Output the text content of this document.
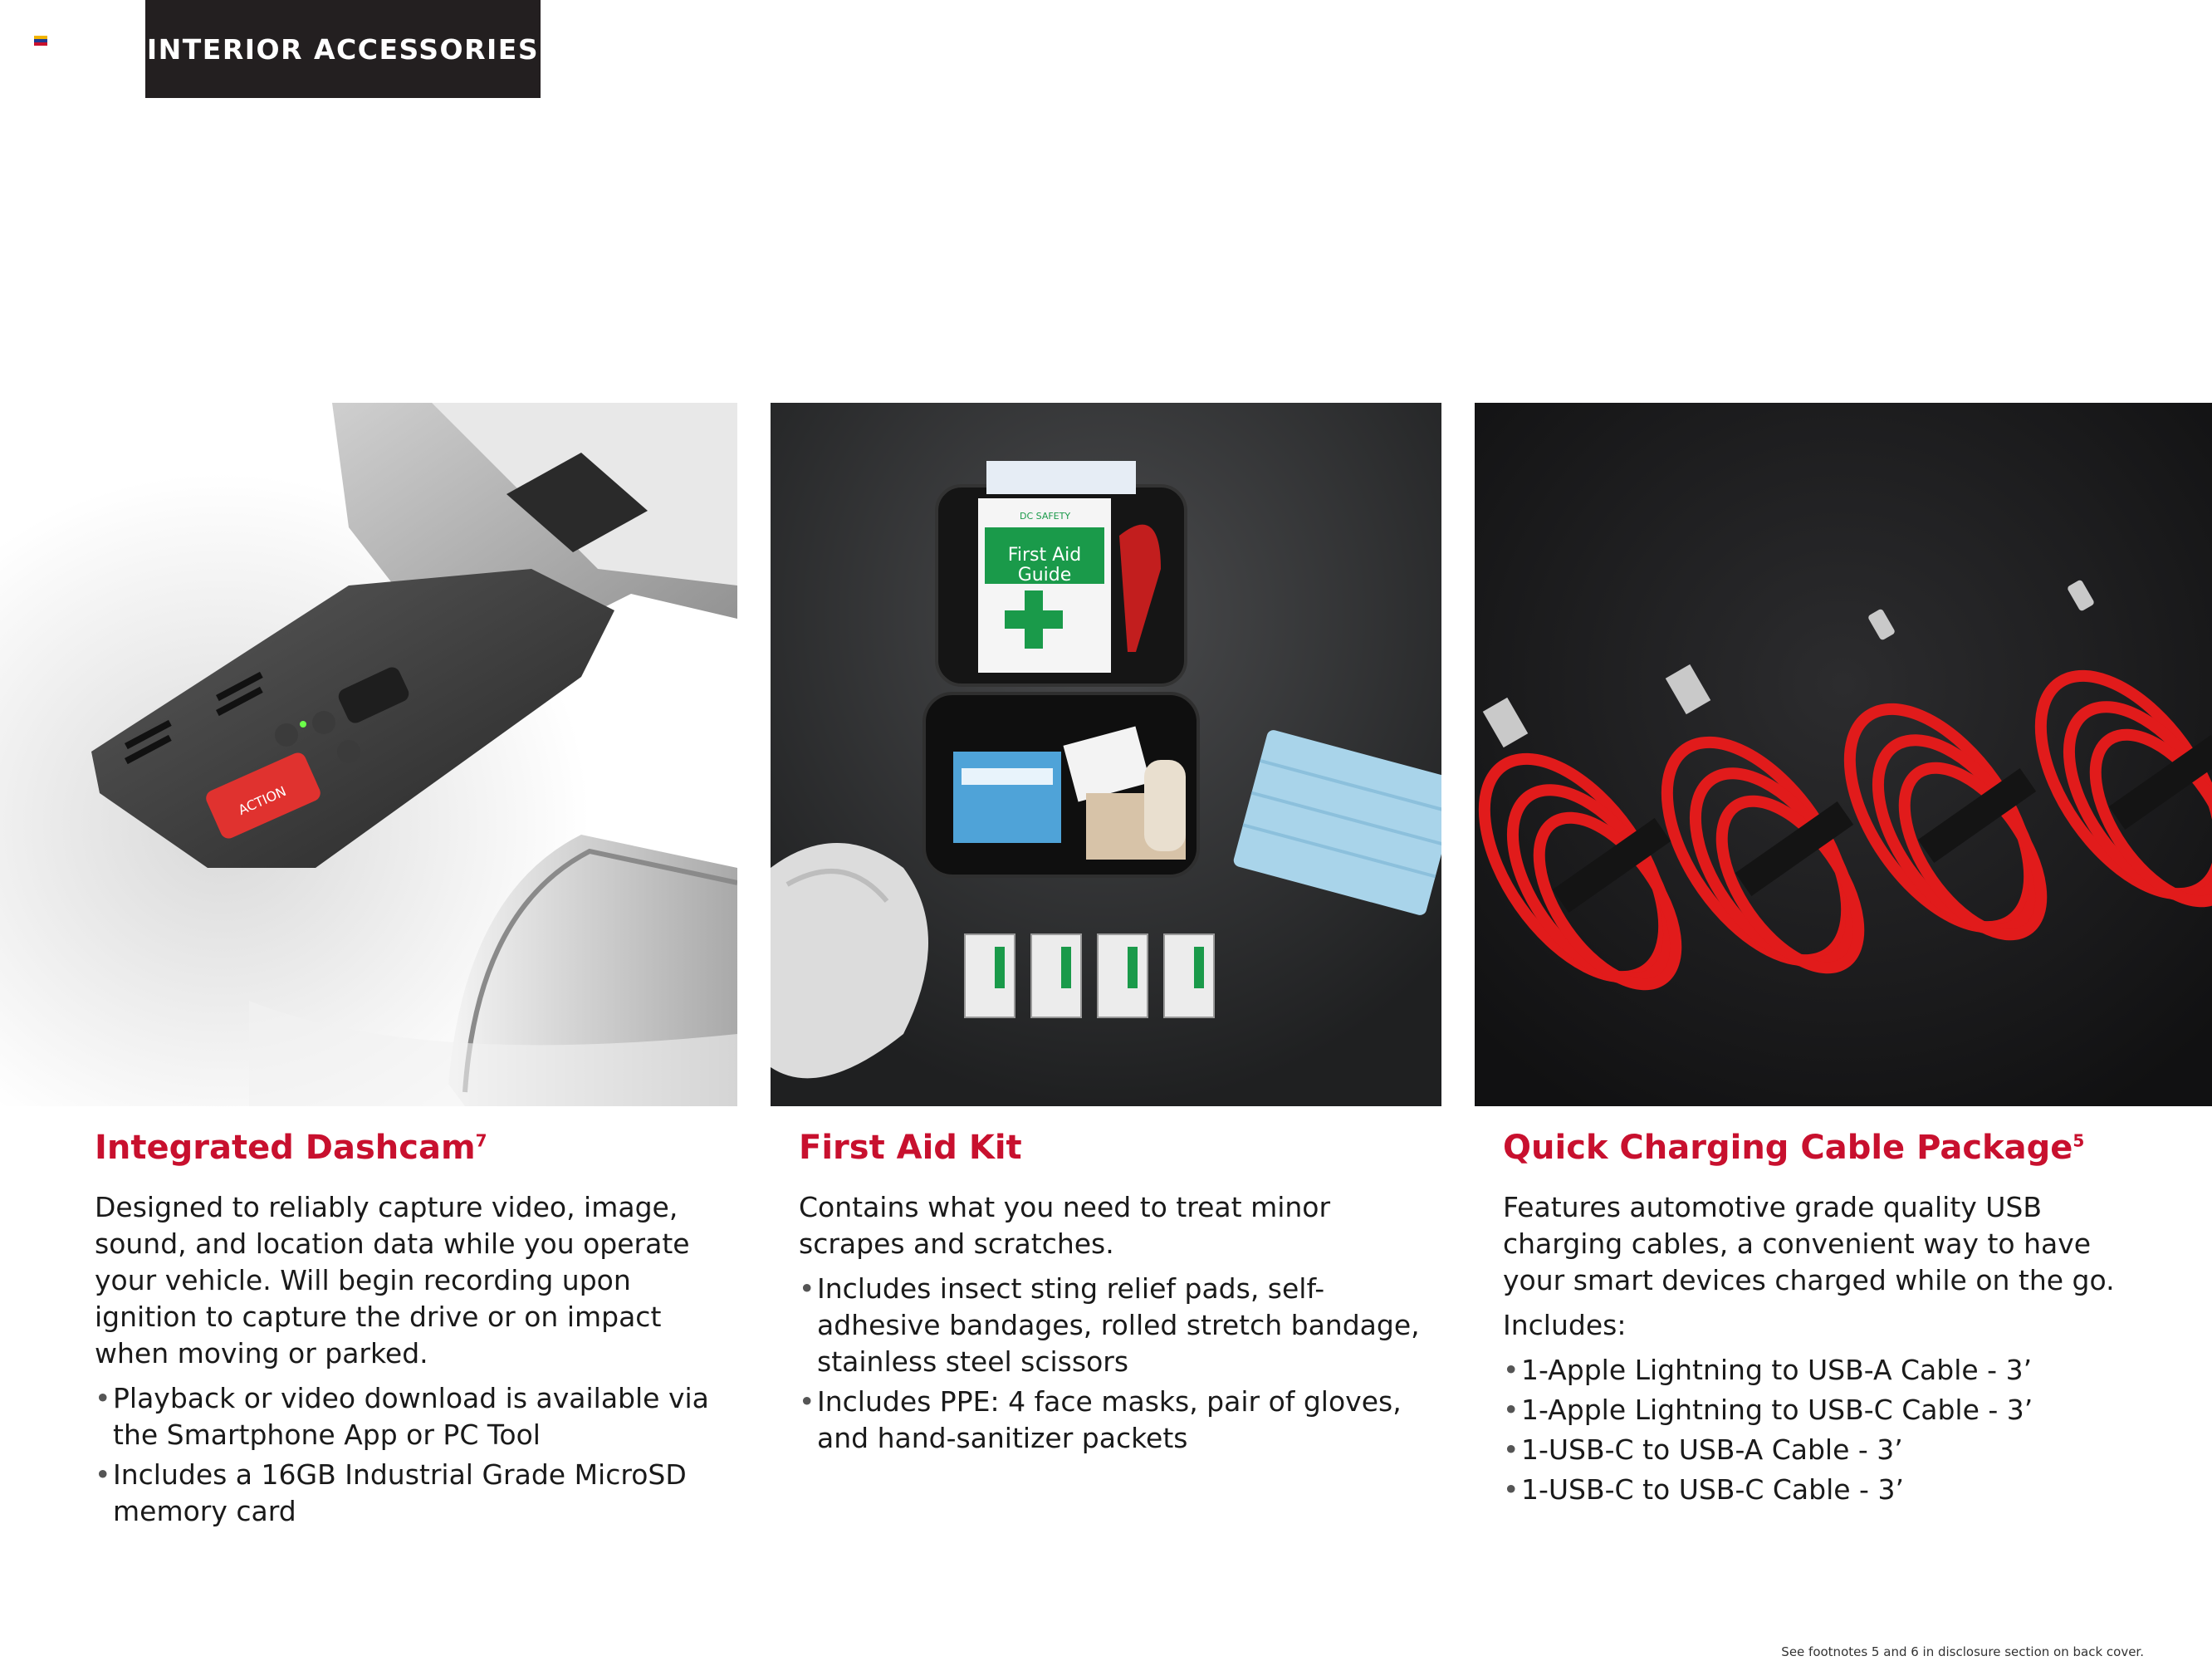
INTERIOR ACCESSORIES
ACTION
First Aid
Guide
DC SAFETY
Integrated Dashcam$^7$

Designed to reliably capture video, image, sound, and location data while you operate your vehicle. Will begin recording upon ignition to capture the drive or on impact when moving or parked.

• Playback or video download is available via the Smartphone App or PC Tool
• Includes a 16GB Industrial Grade MicroSD memory card
First Aid Kit

Contains what you need to treat minor scrapes and scratches.

• Includes insect sting relief pads, self-adhesive bandages, rolled stretch bandage, stainless steel scissors
• Includes PPE: 4 face masks, pair of gloves, and hand-sanitizer packets
Quick Charging Cable Package$^5$

Features automotive grade quality USB charging cables, a convenient way to have your smart devices charged while on the go.

Includes:

• 1-Apple Lightning to USB-A Cable - 3’
• 1-Apple Lightning to USB-C Cable - 3’
• 1-USB-C to USB-A Cable - 3’
• 1-USB-C to USB-C Cable - 3’
See footnotes 5 and 6 in disclosure section on back cover.
